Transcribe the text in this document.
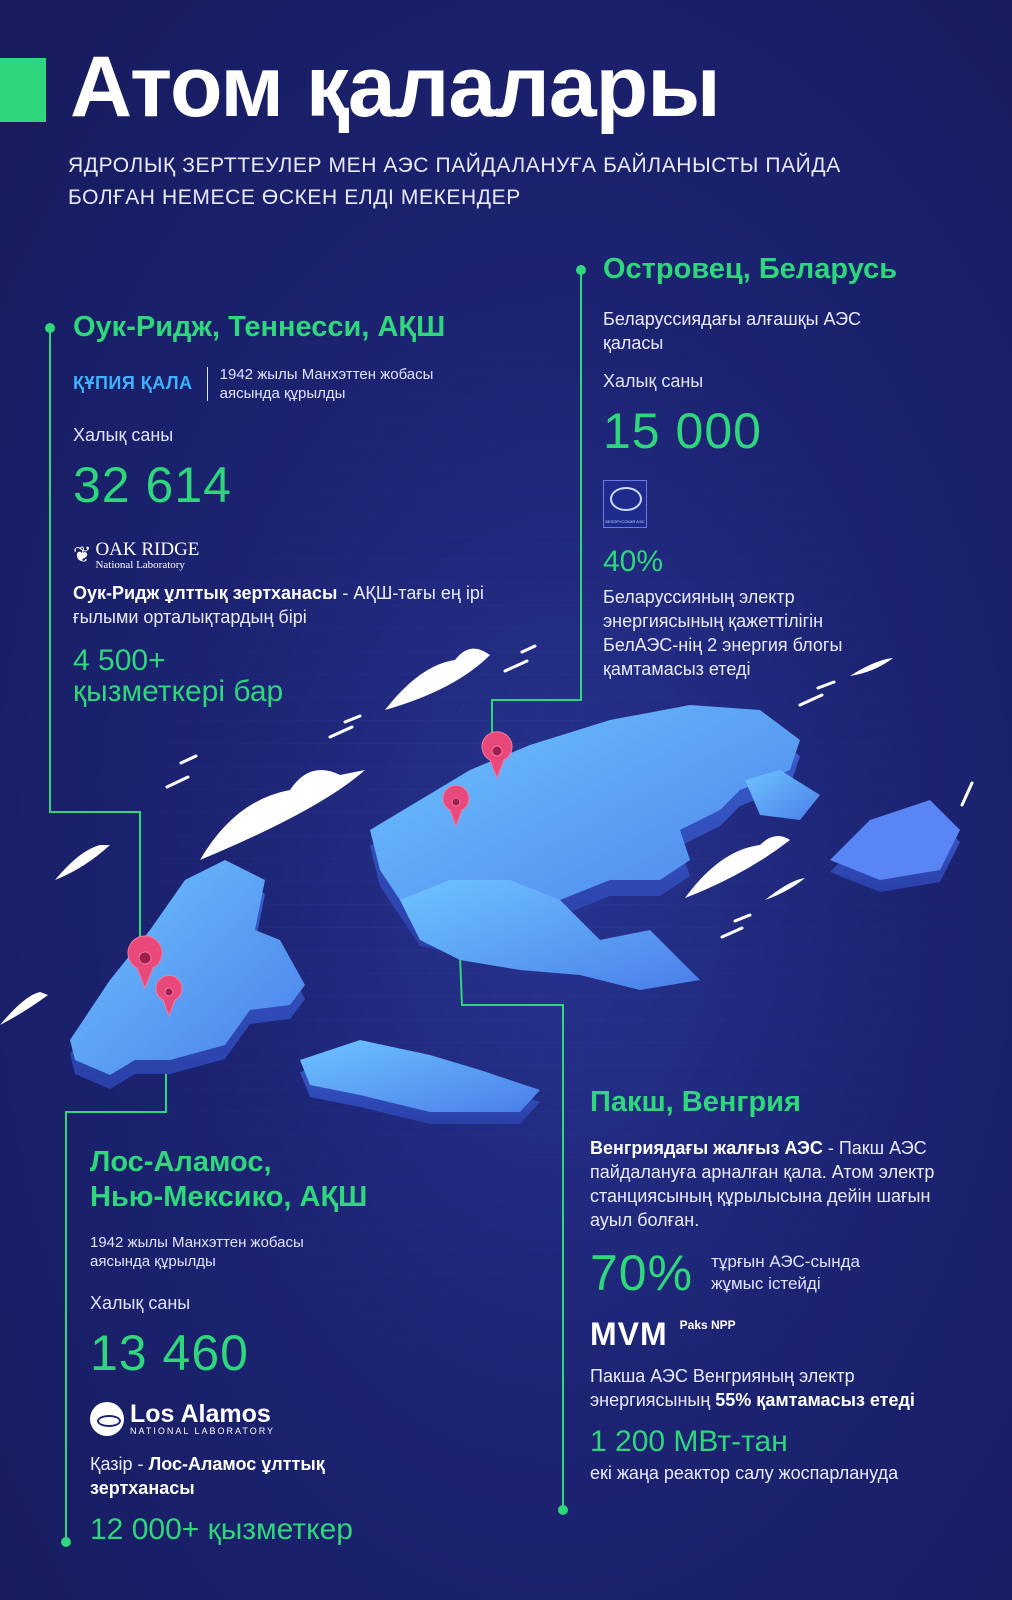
Атом қалалары

ЯДРОЛЫҚ ЗЕРТТЕУЛЕР МЕН АЭС ПАЙДАЛАНУҒА БАЙЛАНЫСТЫ ПАЙДА БОЛҒАН НЕМЕСЕ ӨСКЕН ЕЛДІ МЕКЕНДЕР

Оук-Ридж, Теннесси, АҚШ
ҚҰПИЯ ҚАЛА 1942 жылы Манхэттен жобасы аясында құрылды
Халық саны
32 614
❦ OAK RIDGE
National Laboratory
Оук-Ридж ұлттық зертханасы - АҚШ-тағы ең ірі ғылыми орталықтардың бірі
4 500+
қызметкері бар
Островец, Беларусь
Беларуссиядағы алғашқы АЭС қаласы
Халық саны
15 000
БЕЛОРУССКАЯ АЭС
40%
Беларуссияның электр энергиясының қажеттілігін БелАЭС-нің 2 энергия блогы қамтамасыз етеді
Лос-Аламос,
Нью-Мексико, АҚШ
1942 жылы Манхэттен жобасы аясында құрылды
Халық саны
13 460
Los Alamos
NATIONAL LABORATORY
Қазір - Лос-Аламос ұлттық зертханасы
12 000+ қызметкер
Пакш, Венгрия
Венгриядағы жалғыз АЭС - Пакш АЭС пайдалануға арналған қала. Атом электр станциясының құрылысына дейін шағын ауыл болған.
70% тұрғын АЭС-сында жұмыс істейді
MVM Paks NPP
Пакша АЭС Венгрияның электр энергиясының 55% қамтамасыз етеді
1 200 МВт-тан
екі жаңа реактор салу жоспарлануда
